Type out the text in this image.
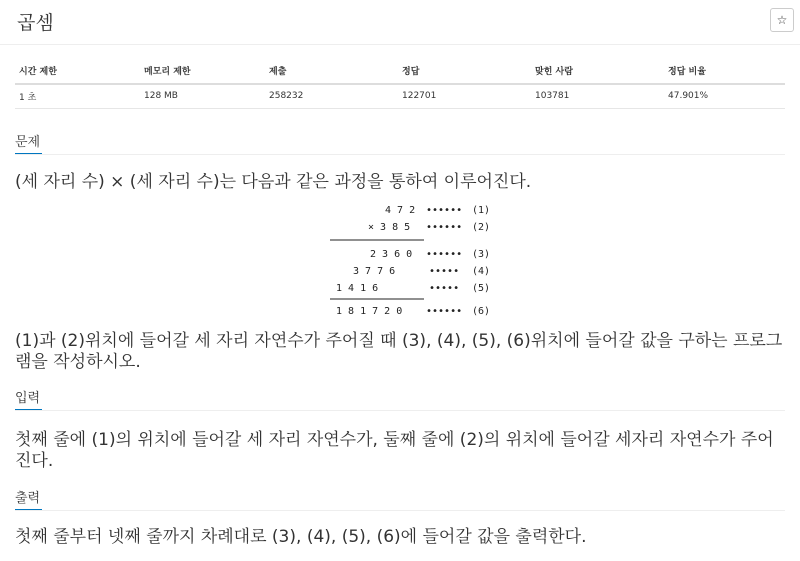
곱셈	☆
시간 제한	메모리 제한	제출	정답	맞힌 사람	정답 비율
1 초	128 MB	258232	122701	103781	47.901%
문제
(세 자리 수) × (세 자리 수)는 다음과 같은 과정을 통하여 이루어진다.
4 7 2 •••••• (1)
× 3 8 5 •••••• (2)
2 3 6 0 •••••• (3)
3 7 7 6	••••• (4)
1 4 1 6	••••• (5)
1 8 1 7 2 0 •••••• (6)
(1)과 (2)위치에 들어갈 세 자리 자연수가 주어질 때 (3), (4), (5), (6)위치에 들어갈 값을 구하는 프로그램을 작성하시오.
입력
첫째 줄에 (1)의 위치에 들어갈 세 자리 자연수가, 둘째 줄에 (2)의 위치에 들어갈 세자리 자연수가 주어진다.
출력
첫째 줄부터 넷째 줄까지 차례대로 (3), (4), (5), (6)에 들어갈 값을 출력한다.
